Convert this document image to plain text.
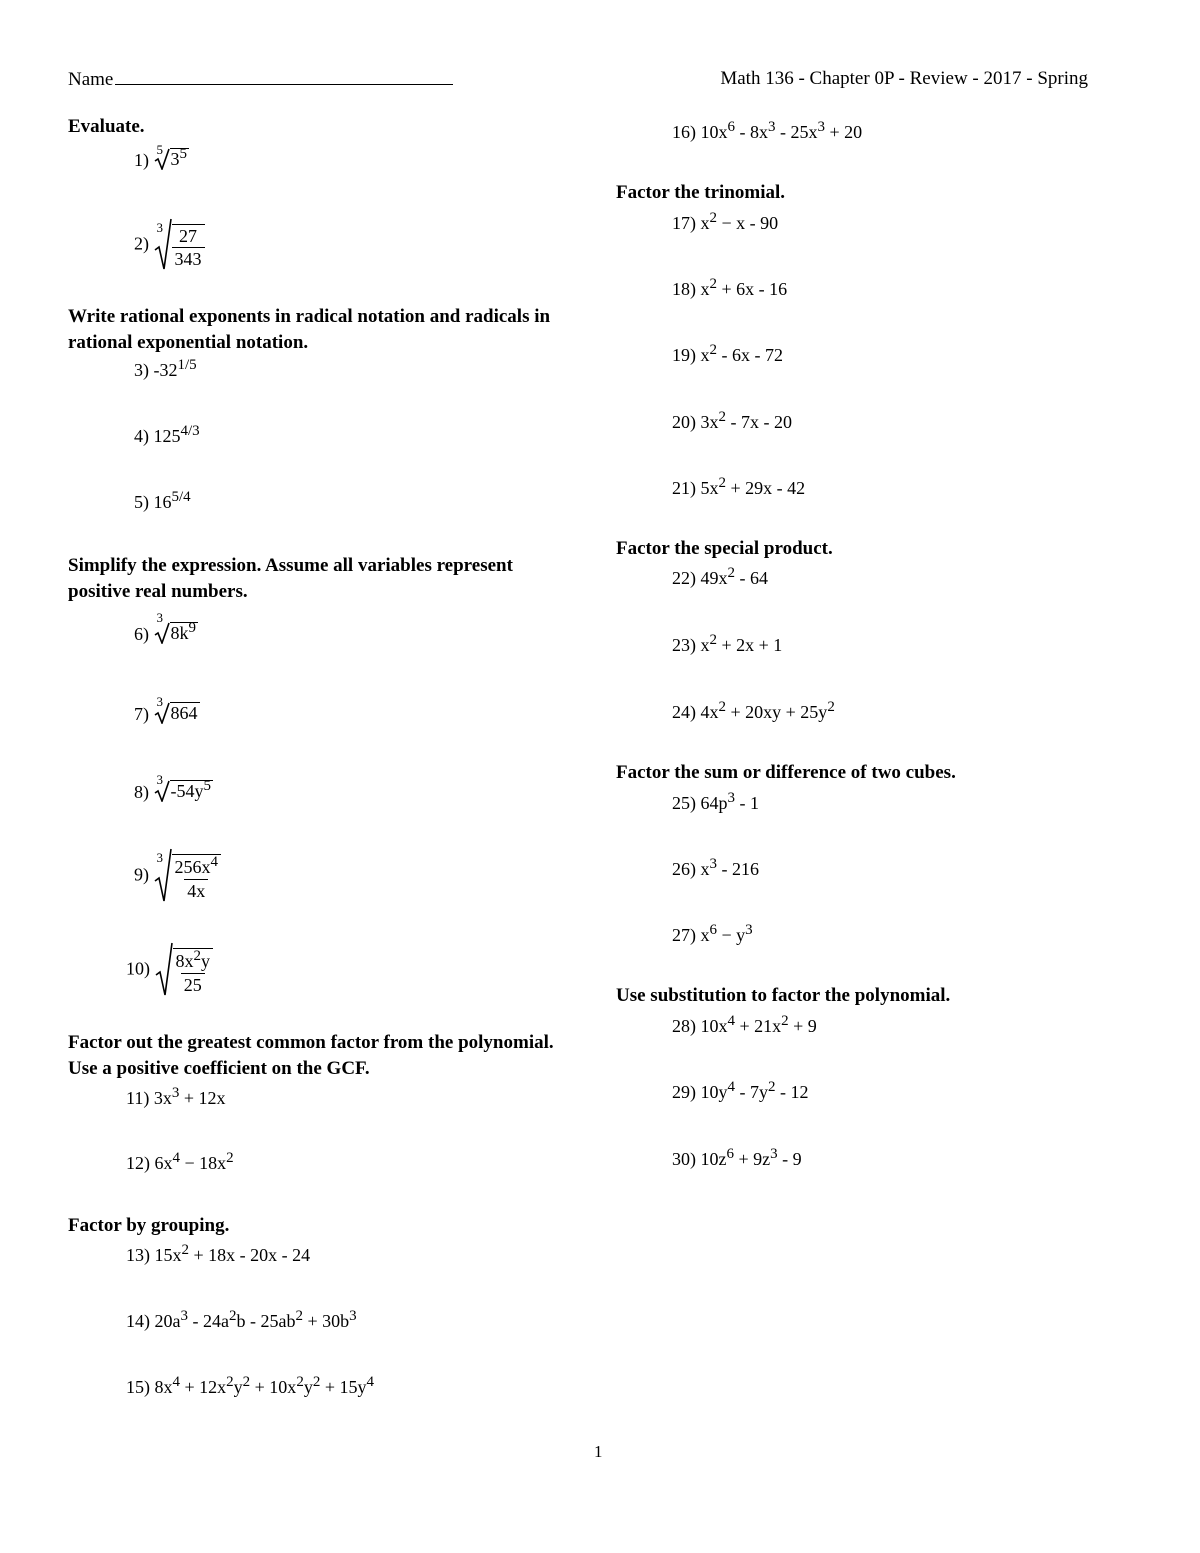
Name	Math 136 - Chapter 0P - Review - 2017 - Spring
Evaluate.
1)
5 $3^5$
2)
3 27
343
Write rational exponents in radical notation and radicals in rational exponential notation.
3) $-32^{1/5}$
4) $125^{4/3}$
5) $16^{5/4}$
Simplify the expression. Assume all variables represent positive real numbers.
6)
3
$8k^9$
7)
3
864
8)
3
$-54y^5$
9)
3 $256x^4$
4x
10) $8x^2y$
25
Factor out the greatest common factor from the polynomial. Use a positive coefficient on the GCF.
11) $3x^3 + 12x$
12) $6x^4 - 18x^2$
Factor by grouping.
13) $15x^2 + 18x - 20x - 24$
14) $20a^3 - 24a^2b - 25ab^2 + 30b^3$
15) $8x^4 + 12x^2y^2 + 10x^2y^2 + 15y^4$
16) $10x^6 - 8x^3 - 25x^3 + 20$
Factor the trinomial.
17) $x^2 - x - 90$
18) $x^2 + 6x - 16$
19) $x^2 - 6x - 72$
20) $3x^2 - 7x - 20$
21) $5x^2 + 29x - 42$
Factor the special product.
22) $49x^2 - 64$
23) $x^2 + 2x + 1$
24) $4x^2 + 20xy + 25y^2$
Factor the sum or difference of two cubes.
25) $64p^3 - 1$
26) $x^3 - 216$
27) $x^6 - y^3$
Use substitution to factor the polynomial.
28) $10x^4 + 21x^2 + 9$
29) $10y^4 - 7y^2 - 12$
30) $10z^6 + 9z^3 - 9$
1
